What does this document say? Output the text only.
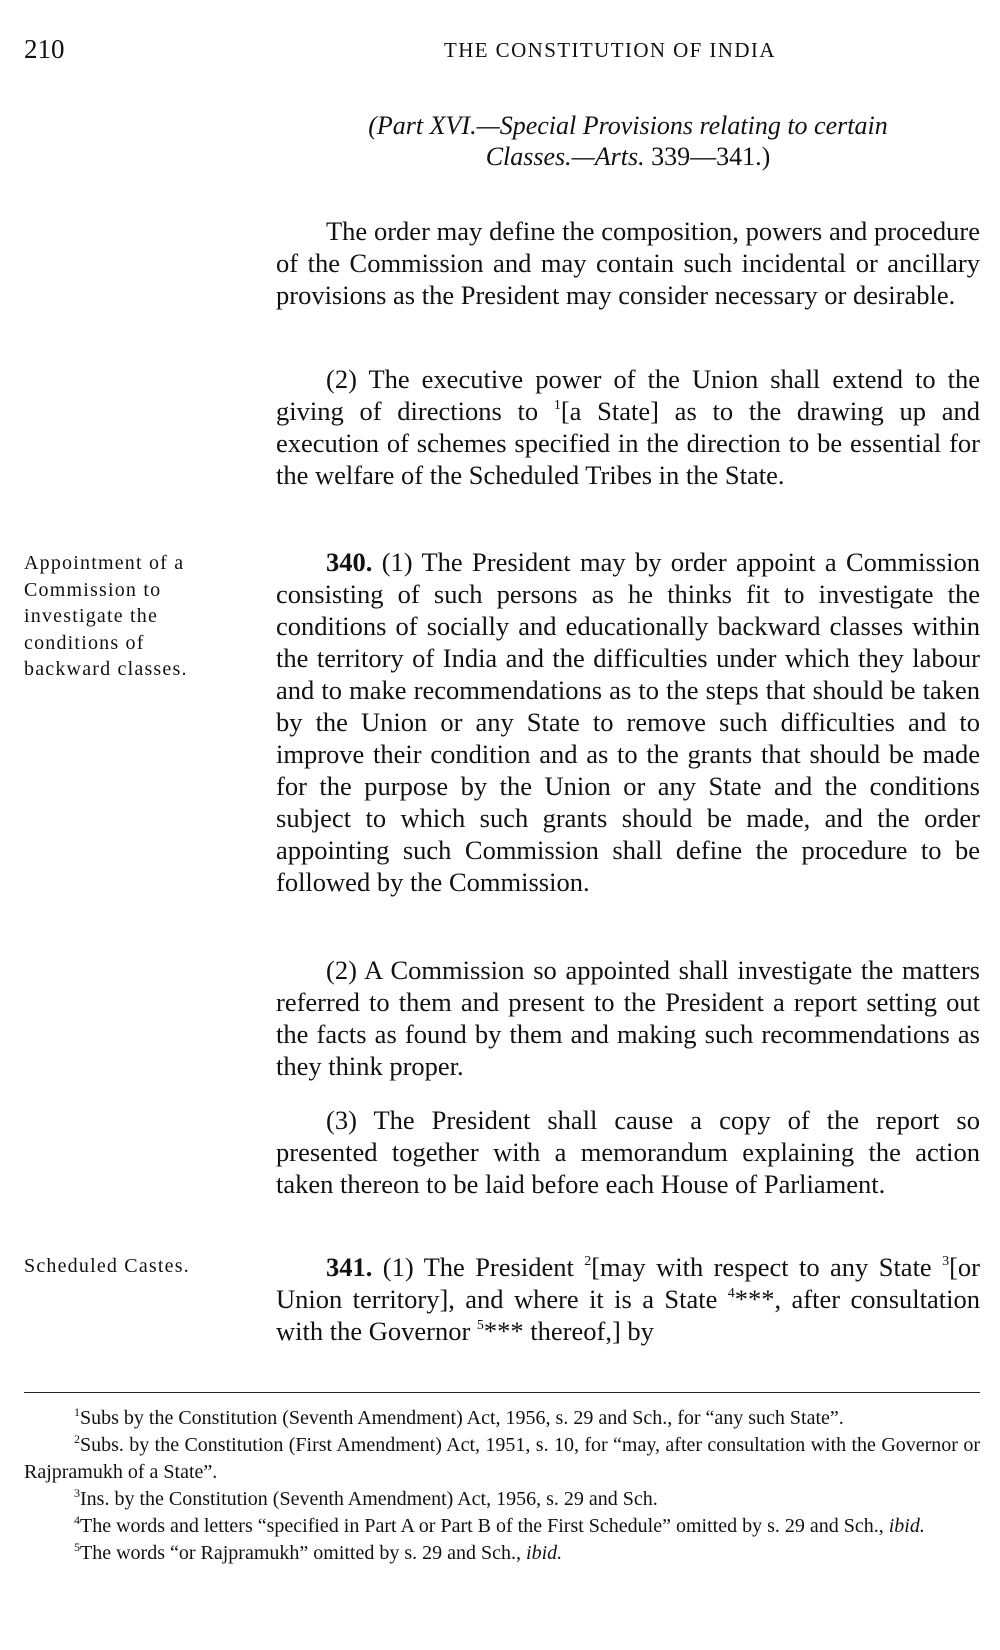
210	THE CONSTITUTION OF INDIA
(Part XVI.—Special Provisions relating to certain
Classes.—Arts. 339—341.)

The order may define the composition, powers and procedure of the Commission and may contain such incidental or ancillary provisions as the President may consider necessary or desirable.

(2) The executive power of the Union shall extend to the giving of directions to $^1$[a State] as to the drawing up and execution of schemes specified in the direction to be essential for the welfare of the Scheduled Tribes in the State.

Appointment of a Commission to investigate the conditions of backward classes.

340. (1) The President may by order appoint a Commission consisting of such persons as he thinks fit to investigate the conditions of socially and educationally backward classes within the territory of India and the difficulties under which they labour and to make recommendations as to the steps that should be taken by the Union or any State to remove such difficulties and to improve their condition and as to the grants that should be made for the purpose by the Union or any State and the conditions subject to which such grants should be made, and the order appointing such Commission shall define the procedure to be followed by the Commission.

(2) A Commission so appointed shall investigate the matters referred to them and present to the President a report setting out the facts as found by them and making such recommendations as they think proper.

(3) The President shall cause a copy of the report so presented together with a memorandum explaining the action taken thereon to be laid before each House of Parliament.

Scheduled Castes.	341. (1) The President $^2$[may with respect to any State $^3$[or Union territory], and where it is a State $^4$***, after consultation with the Governor $^5$*** thereof,] by

$^1$Subs by the Constitution (Seventh Amendment) Act, 1956, s. 29 and Sch., for “any such State”.

$^2$Subs. by the Constitution (First Amendment) Act, 1951, s. 10, for “may, after consultation with the Governor or Rajpramukh of a State”.

$^3$Ins. by the Constitution (Seventh Amendment) Act, 1956, s. 29 and Sch.

$^4$The words and letters “specified in Part A or Part B of the First Schedule” omitted by s. 29 and Sch., ibid.

$^5$The words “or Rajpramukh” omitted by s. 29 and Sch., ibid.
